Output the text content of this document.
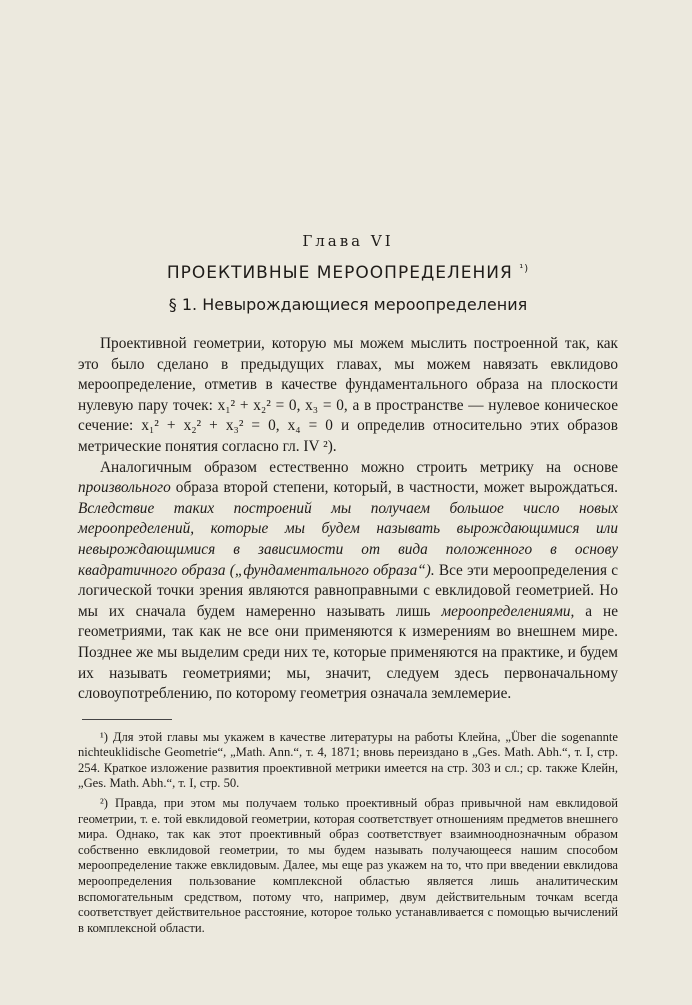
Глава VI
ПРОЕКТИВНЫЕ МЕРООПРЕДЕЛЕНИЯ $^{^1)}$
§ 1. Невырождающиеся мероопределения

Проективной геометрии, которую мы можем мыслить построенной так, как это было сделано в предыдущих главах, мы можем навязать евклидово мероопределение, отметив в качестве фундаментального образа на плоскости нулевую пару точек: x₁² + x₂² = 0, x₃ = 0, а в пространстве — нулевое коническое сечение: x₁² + x₂² + x₃² = 0, x₄ = 0 и определив относительно этих образов метрические понятия согласно гл. IV ²).

Аналогичным образом естественно можно строить метрику на основе произвольного образа второй степени, который, в частности, может вырождаться. Вследствие таких построений мы получаем большое число новых мероопределений, которые мы будем называть вырождающимися или невырождающимися в зависимости от вида положенного в основу квадратичного образа („фундаментального образа“). Все эти мероопределения с логической точки зрения являются равноправными с евклидовой геометрией. Но мы их сначала будем намеренно называть лишь мероопределениями, а не геометриями, так как не все они применяются к измерениям во внешнем мире. Позднее же мы выделим среди них те, которые применяются на практике, и будем их называть геометриями; мы, значит, следуем здесь первоначальному словоупотреблению, по которому геометрия означала землемерие.

¹) Для этой главы мы укажем в качестве литературы на работы Клейна, „Über die sogenannte nichteuklidische Geometrie“, „Math. Ann.“, т. 4, 1871; вновь переиздано в „Ges. Math. Abh.“, т. I, стр. 254. Краткое изложение развития проективной метрики имеется на стр. 303 и сл.; ср. также Клейн, „Ges. Math. Abh.“, т. I, стр. 50.

²) Правда, при этом мы получаем только проективный образ привычной нам евклидовой геометрии, т. е. той евклидовой геометрии, которая соответствует отношениям предметов внешнего мира. Однако, так как этот проективный образ соответствует взаимнооднозначным образом собственно евклидовой геометрии, то мы будем называть получающееся нашим способом мероопределение также евклидовым. Далее, мы еще раз укажем на то, что при введении евклидова мероопределения пользование комплексной областью является лишь аналитическим вспомогательным средством, потому что, например, двум действительным точкам всегда соответствует действительное расстояние, которое только устанавливается с помощью вычислений в комплексной области.
